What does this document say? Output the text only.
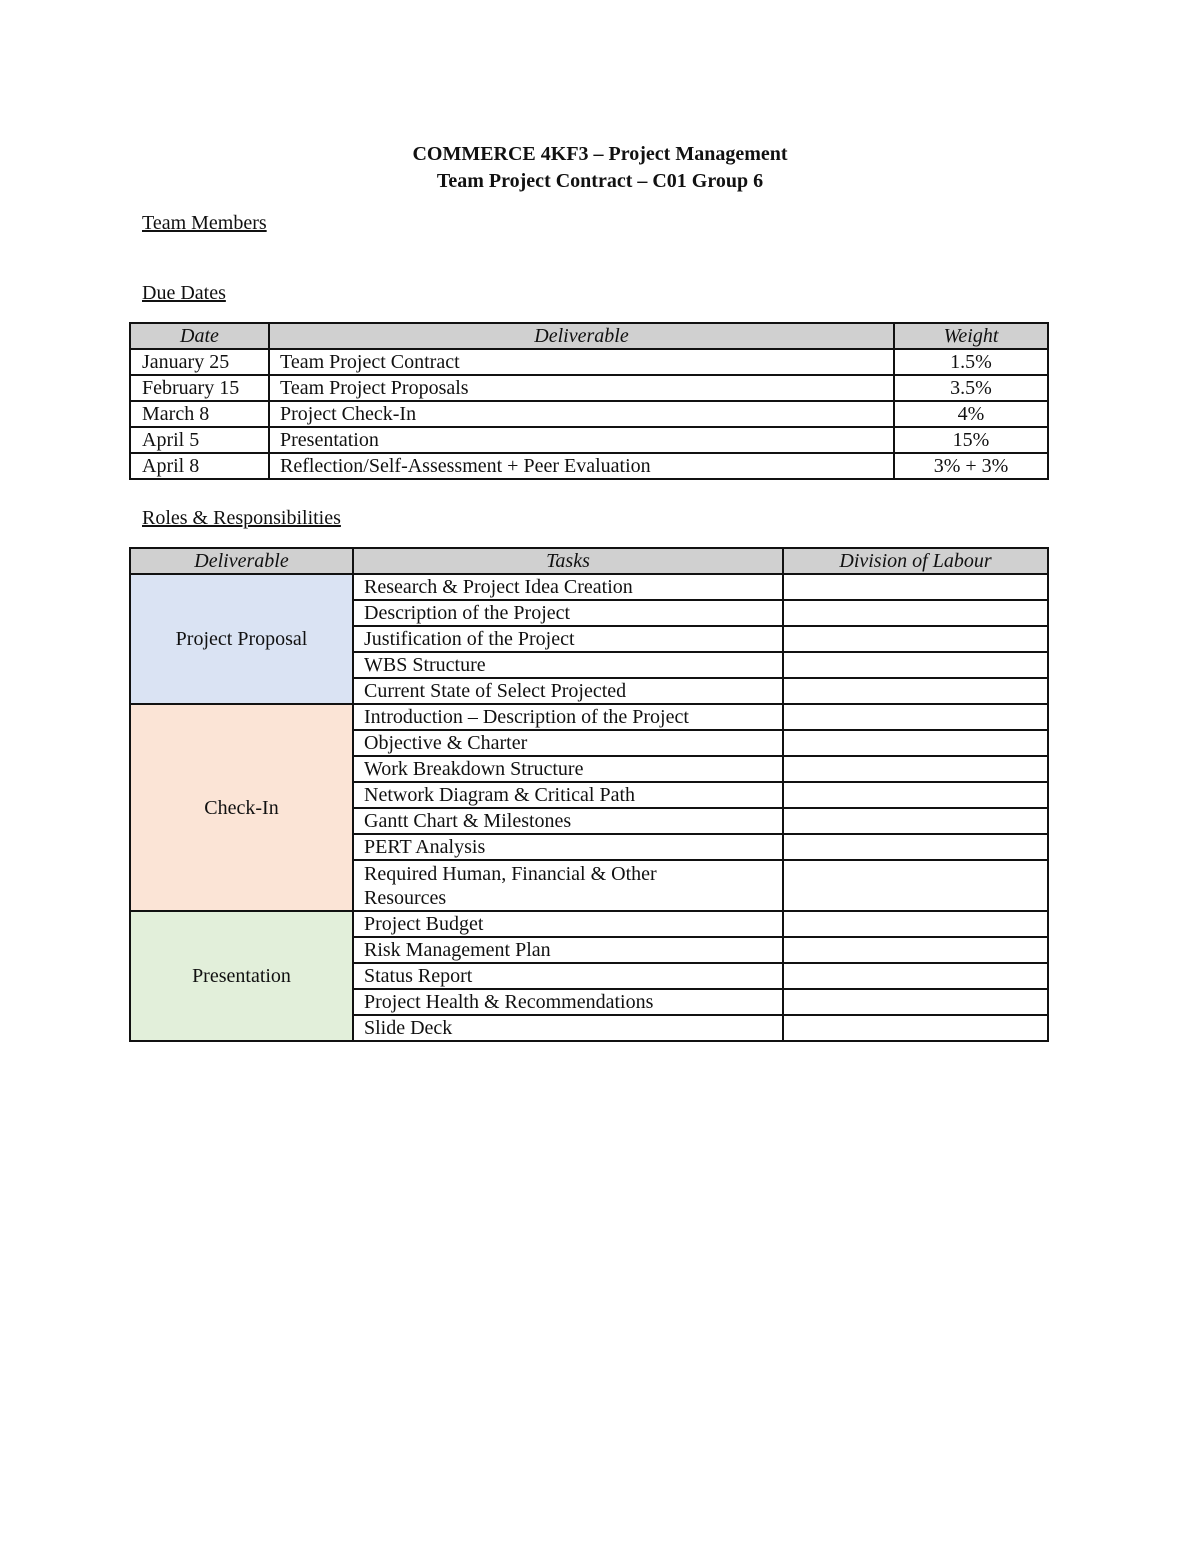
COMMERCE 4KF3 – Project Management
Team Project Contract – C01 Group 6
Team Members
Due Dates
Date	Deliverable	Weight
January 25	Team Project Contract	1.5%
February 15	Team Project Proposals	3.5%
March 8	Project Check-In	4%
April 5	Presentation	15%
April 8	Reflection/Self-Assessment + Peer Evaluation	3% + 3%
Roles & Responsibilities
Deliverable	Tasks	Division of Labour
Project Proposal	Research & Project Idea Creation	
	Description of the Project	
	Justification of the Project	
	WBS Structure	
	Current State of Select Projected	
Check-In	Introduction – Description of the Project	
	Objective & Charter	
	Work Breakdown Structure	
	Network Diagram & Critical Path	
	Gantt Chart & Milestones	
	PERT Analysis	
	Required Human, Financial & Other Resources	
Presentation	Project Budget	
	Risk Management Plan	
	Status Report	
	Project Health & Recommendations	
	Slide Deck	
